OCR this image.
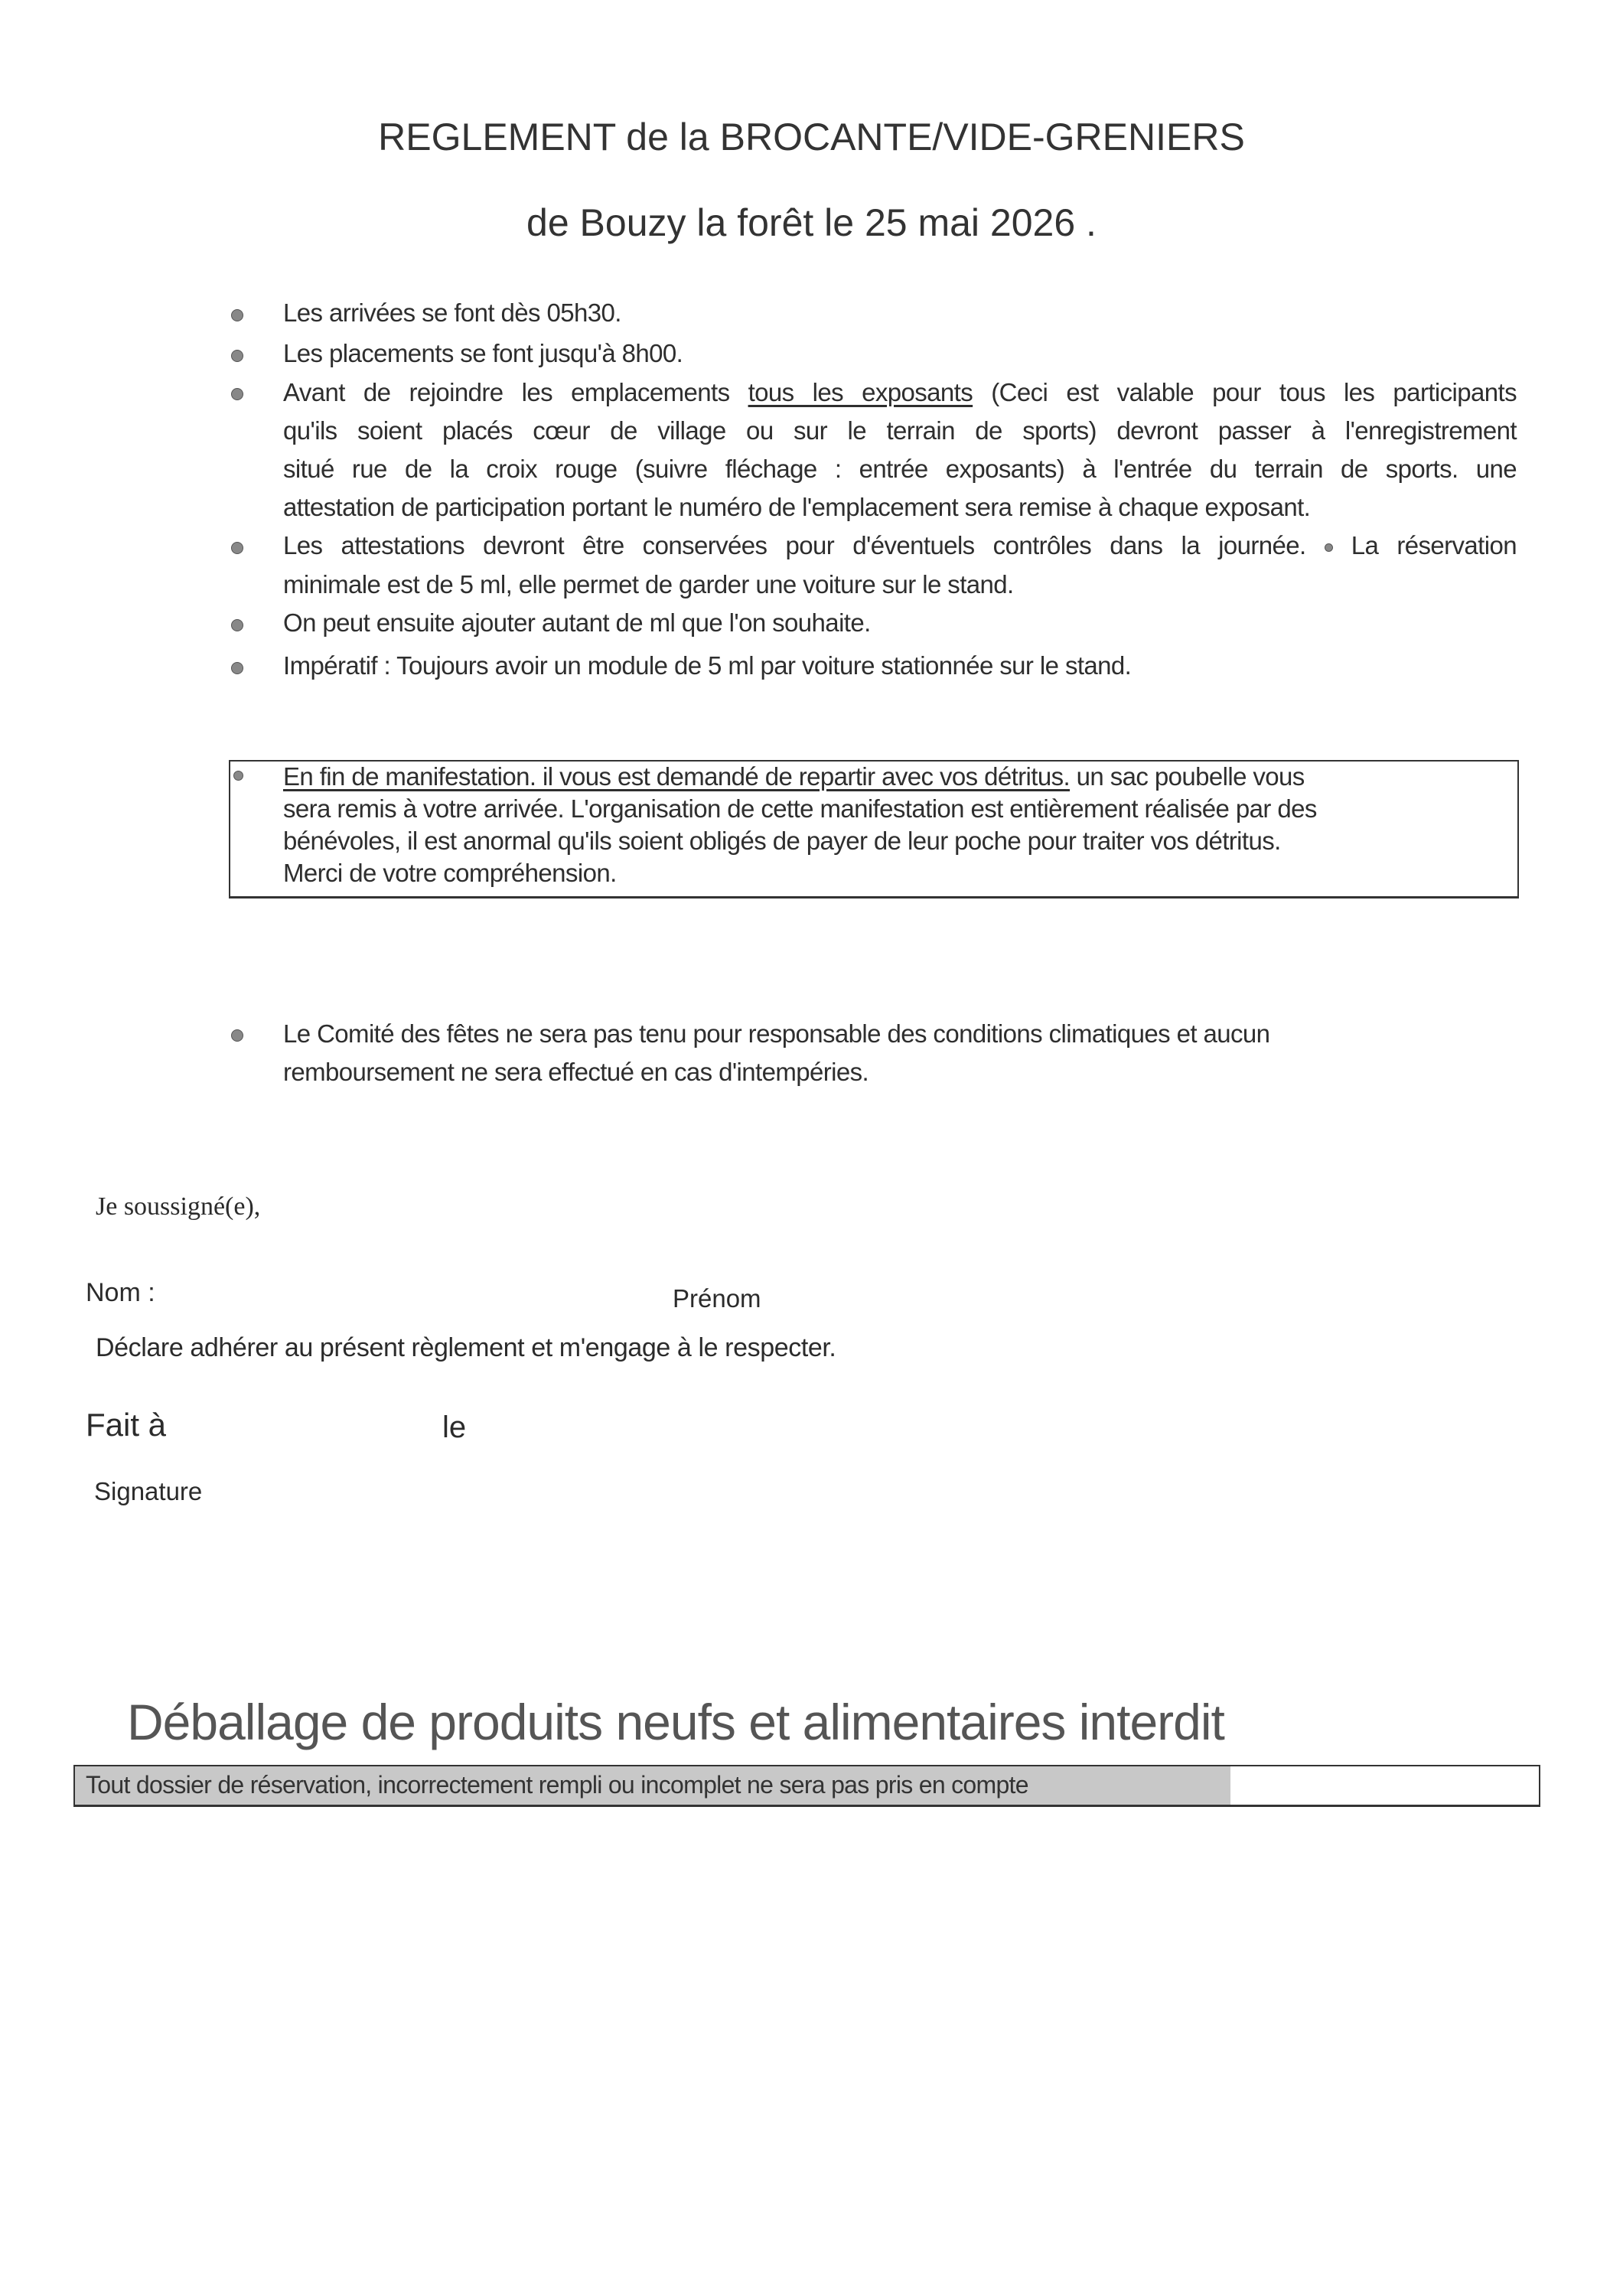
REGLEMENT de la BROCANTE/VIDE-GRENIERS
de Bouzy la forêt le 25 mai 2026 .
Les arrivées se font dès 05h30.
Les placements se font jusqu'à 8h00.
Avant de rejoindre les emplacements tous les exposants (Ceci est valable pour tous les participants
qu'ils soient placés cœur de village ou sur le terrain de sports) devront passer à l'enregistrement
situé rue de la croix rouge (suivre fléchage : entrée exposants) à l'entrée du terrain de sports. une
attestation de participation portant le numéro de l'emplacement sera remise à chaque exposant.
Les attestations devront être conservées pour d'éventuels contrôles dans la journée. La réservation
minimale est de 5 ml, elle permet de garder une voiture sur le stand.
On peut ensuite ajouter autant de ml que l'on souhaite.
Impératif : Toujours avoir un module de 5 ml par voiture stationnée sur le stand.
En fin de manifestation. il vous est demandé de repartir avec vos détritus. un sac poubelle vous
sera remis à votre arrivée. L'organisation de cette manifestation est entièrement réalisée par des
bénévoles, il est anormal qu'ils soient obligés de payer de leur poche pour traiter vos détritus.
Merci de votre compréhension.
Le Comité des fêtes ne sera pas tenu pour responsable des conditions climatiques et aucun
remboursement ne sera effectué en cas d'intempéries.
Je soussigné(e),
Nom :	Prénom
Déclare adhérer au présent règlement et m'engage à le respecter.
Fait à	le
Signature
Déballage de produits neufs et alimentaires interdit
Tout dossier de réservation, incorrectement rempli ou incomplet ne sera pas pris en compte
